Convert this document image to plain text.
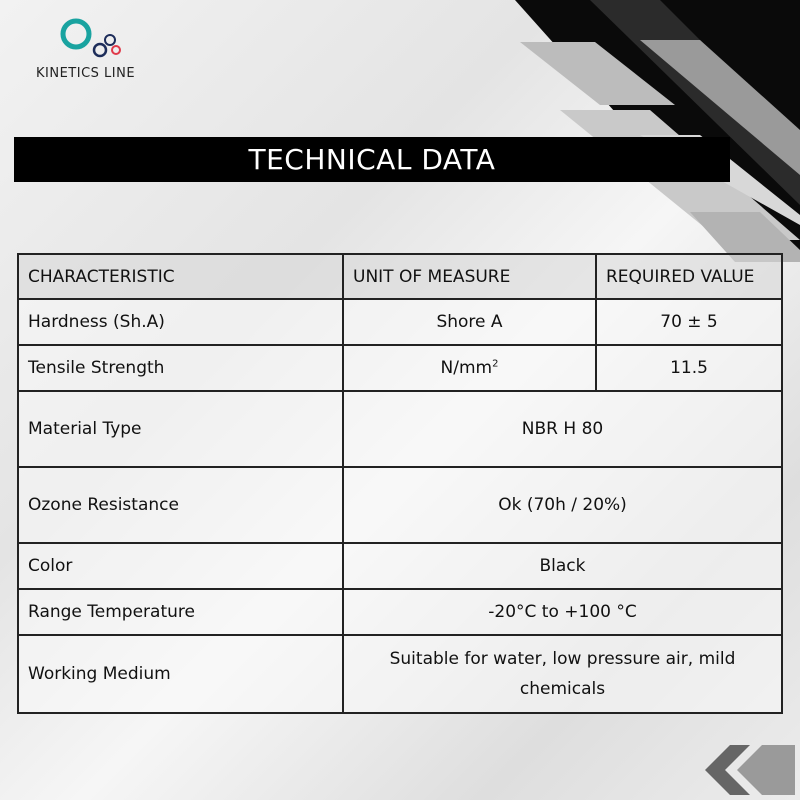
KINETICS LINE
TECHNICAL DATA
CHARACTERISTIC	UNIT OF MEASURE	REQUIRED VALUE
Hardness (Sh.A)	Shore A	70 ± 5
Tensile Strength	$N/mm^2$	11.5
Material Type	NBR H 80	
Ozone Resistance	Ok (70h / 20%)	
Color	Black	
Range Temperature	-20°C to +100 °C	
Working Medium	Suitable for water, low pressure air, mild chemicals	
